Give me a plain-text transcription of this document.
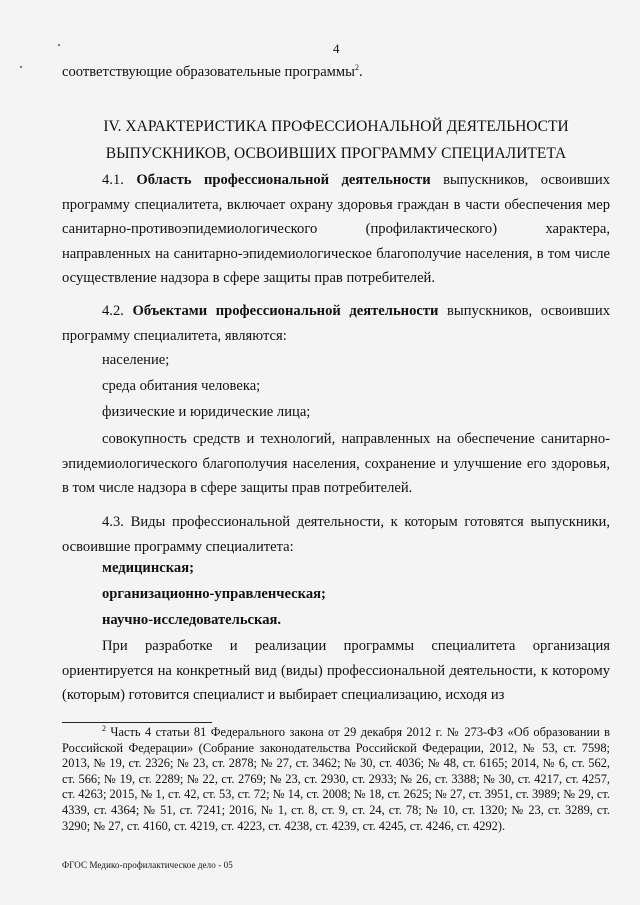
4
соответствующие образовательные программы$^2$.
IV. ХАРАКТЕРИСТИКА ПРОФЕССИОНАЛЬНОЙ ДЕЯТЕЛЬНОСТИ
ВЫПУСКНИКОВ, ОСВОИВШИХ ПРОГРАММУ СПЕЦИАЛИТЕТА
4.1. Область профессиональной деятельности выпускников, освоивших программу специалитета, включает охрану здоровья граждан в части обеспечения мер санитарно-противоэпидемиологического (профилактического) характера, направленных на санитарно-эпидемиологическое благополучие населения, в том числе осуществление надзора в сфере защиты прав потребителей.
4.2. Объектами профессиональной деятельности выпускников, освоивших программу специалитета, являются:
население;
среда обитания человека;
физические и юридические лица;
совокупность средств и технологий, направленных на обеспечение санитарно-эпидемиологического благополучия населения, сохранение и улучшение его здоровья, в том числе надзора в сфере защиты прав потребителей.
4.3. Виды профессиональной деятельности, к которым готовятся выпускники, освоившие программу специалитета:
медицинская;
организационно-управленческая;
научно-исследовательская.
При разработке и реализации программы специалитета организация ориентируется на конкретный вид (виды) профессиональной деятельности, к которому (которым) готовится специалист и выбирает специализацию, исходя из
$^2$ Часть 4 статьи 81 Федерального закона от 29 декабря 2012 г. № 273-ФЗ «Об образовании в Российской Федерации» (Собрание законодательства Российской Федерации, 2012, № 53, ст. 7598; 2013, № 19, ст. 2326; № 23, ст. 2878; № 27, ст. 3462; № 30, ст. 4036; № 48, ст. 6165; 2014, № 6, ст. 562, ст. 566; № 19, ст. 2289; № 22, ст. 2769; № 23, ст. 2930, ст. 2933; № 26, ст. 3388; № 30, ст. 4217, ст. 4257, ст. 4263; 2015, № 1, ст. 42, ст. 53, ст. 72; № 14, ст. 2008; № 18, ст. 2625; № 27, ст. 3951, ст. 3989; № 29, ст. 4339, ст. 4364; № 51, ст. 7241; 2016, № 1, ст. 8, ст. 9, ст. 24, ст. 78; № 10, ст. 1320; № 23, ст. 3289, ст. 3290; № 27, ст. 4160, ст. 4219, ст. 4223, ст. 4238, ст. 4239, ст. 4245, ст. 4246, ст. 4292).
ФГОС Медико-профилактическое дело - 05
